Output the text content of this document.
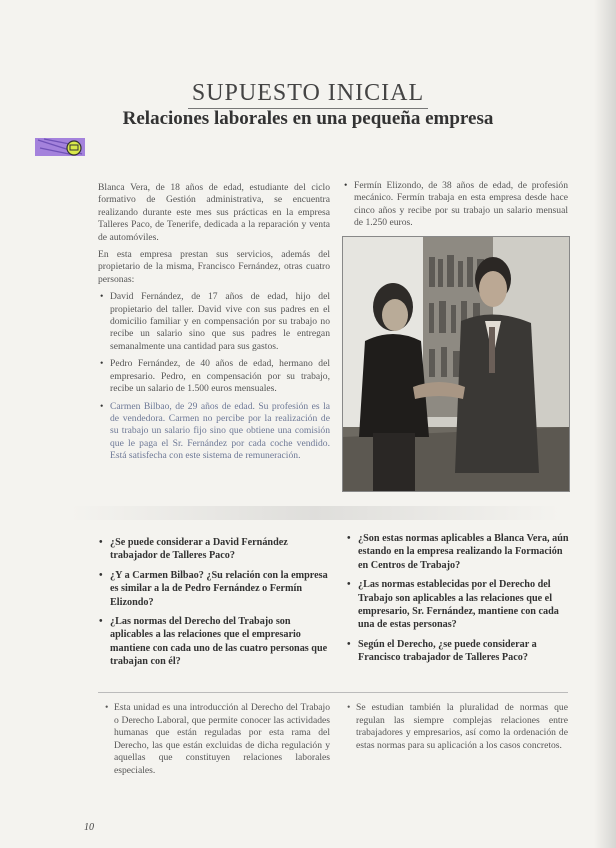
SUPUESTO INICIAL
Relaciones laborales en una pequeña empresa

Blanca Vera, de 18 años de edad, estudiante del ciclo formativo de Gestión administrativa, se encuentra realizando durante este mes sus prácticas en la empresa Talleres Paco, de Tenerife, dedicada a la reparación y venta de automóviles.

En esta empresa prestan sus servicios, además del propietario de la misma, Francisco Fernández, otras cuatro personas:

• David Fernández, de 17 años de edad, hijo del propietario del taller. David vive con sus padres en el domicilio familiar y en compensación por su trabajo no recibe un salario sino que sus padres le entregan semanalmente una cantidad para sus gastos.
• Pedro Fernández, de 40 años de edad, hermano del empresario. Pedro, en compensación por su trabajo, recibe un salario de 1.500 euros mensuales.
• Carmen Bilbao, de 29 años de edad. Su profesión es la de vendedora. Carmen no percibe por la realización de su trabajo un salario fijo sino que obtiene una comisión que le paga el Sr. Fernández por cada coche vendido. Está satisfecha con este sistema de remuneración.
• Fermín Elizondo, de 38 años de edad, de profesión mecánico. Fermín trabaja en esta empresa desde hace cinco años y recibe por su trabajo un salario mensual de 1.250 euros.
• ¿Se puede considerar a David Fernández trabajador de Talleres Paco?
• ¿Y a Carmen Bilbao? ¿Su relación con la empresa es similar a la de Pedro Fernández o Fermín Elizondo?
• ¿Las normas del Derecho del Trabajo son aplicables a las relaciones que el empresario mantiene con cada uno de las cuatro personas que trabajan con él?
• ¿Son estas normas aplicables a Blanca Vera, aún estando en la empresa realizando la Formación en Centros de Trabajo?
• ¿Las normas establecidas por el Derecho del Trabajo son aplicables a las relaciones que el empresario, Sr. Fernández, mantiene con cada una de estas personas?
• Según el Derecho, ¿se puede considerar a Francisco trabajador de Talleres Paco?
• Esta unidad es una introducción al Derecho del Trabajo o Derecho Laboral, que permite conocer las actividades humanas que están reguladas por esta rama del Derecho, las que están excluidas de dicha regulación y aquellas que constituyen relaciones laborales especiales.
• Se estudian también la pluralidad de normas que regulan las siempre complejas relaciones entre trabajadores y empresarios, así como la ordenación de estas normas para su aplicación a los casos concretos.
10
